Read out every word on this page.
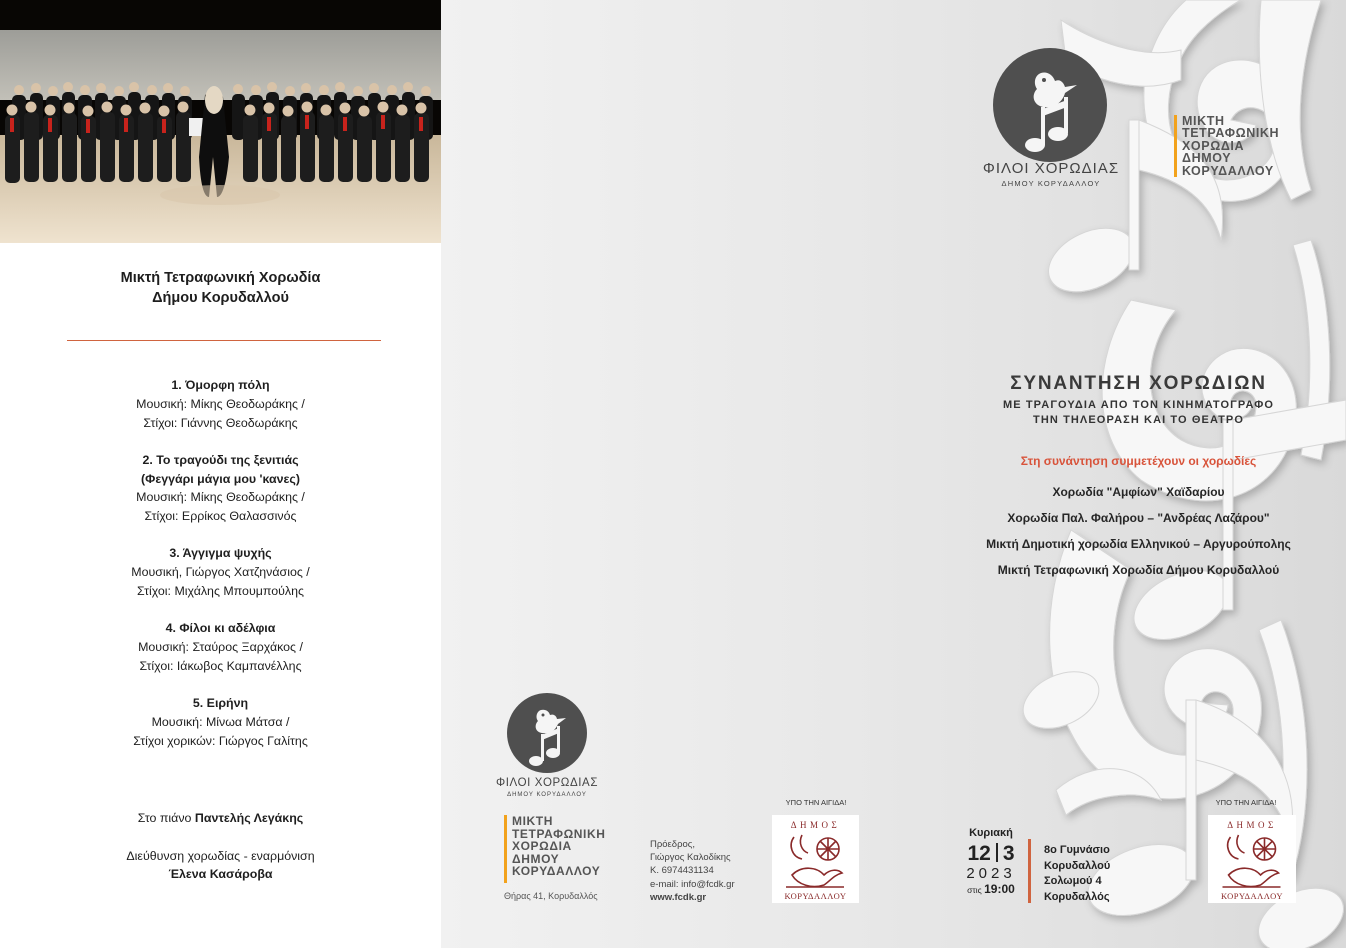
Μικτή Τετραφωνική Χορωδία
Δήμου Κορυδαλλού
1. Όμορφη πόλη
Μουσική: Μίκης Θεοδωράκης /
Στίχοι: Γιάννης Θεοδωράκης
2. Το τραγούδι της ξενιτιάς
(Φεγγάρι μάγια μου 'κανες)
Μουσική: Μίκης Θεοδωράκης /
Στίχοι: Ερρίκος Θαλασσινός
3. Άγγιγμα ψυχής
Μουσική, Γιώργος Χατζηνάσιος /
Στίχοι: Μιχάλης Μπουμπούλης
4. Φίλοι κι αδέλφια
Μουσική: Σταύρος Ξαρχάκος /
Στίχοι: Ιάκωβος Καμπανέλλης
5. Ειρήνη
Μουσική: Μίνωα Μάτσα /
Στίχοι χορικών: Γιώργος Γαλίτης
Στο πιάνο Παντελής Λεγάκης
Διεύθυνση χορωδίας - εναρμόνιση
Έλενα Κασάροβα
ΦΙΛΟΙ ΧΟΡΩΔΙΑΣ
ΔΗΜΟΥ ΚΟΡΥΔΑΛΛΟΥ
ΜΙΚΤΗ
ΤΕΤΡΑΦΩΝΙΚΗ
ΧΟΡΩΔΙΑ
ΔΗΜΟΥ
ΚΟΡΥΔΑΛΛΟΥ
ΣΥΝΑΝΤΗΣΗ ΧΟΡΩΔΙΩΝ
ΜΕ ΤΡΑΓΟΥΔΙΑ ΑΠΟ ΤΟΝ ΚΙΝΗΜΑΤΟΓΡΑΦΟ
ΤΗΝ ΤΗΛΕΟΡΑΣΗ ΚΑΙ ΤΟ ΘΕΑΤΡΟ
Στη συνάντηση συμμετέχουν οι χορωδίες
Χορωδία "Αμφίων" Χαϊδαρίου
Χορωδία Παλ. Φαλήρου – "Ανδρέας Λαζάρου"
Μικτή Δημοτική χορωδία Ελληνικού – Αργυρούπολης
Μικτή Τετραφωνική Χορωδία Δήμου Κορυδαλλού
ΦΙΛΟΙ ΧΟΡΩΔΙΑΣ
ΔΗΜΟΥ ΚΟΡΥΔΑΛΛΟΥ
ΜΙΚΤΗ
ΤΕΤΡΑΦΩΝΙΚΗ
ΧΟΡΩΔΙΑ
ΔΗΜΟΥ
ΚΟΡΥΔΑΛΛΟΥ
Θήρας 41, Κορυδαλλός
Πρόεδρος,
Γιώργος Καλοδίκης
Κ. 6974431134
e-mail: info@fcdk.gr
www.fcdk.gr
ΥΠΟ ΤΗΝ ΑΙΓΙΔΑ!
ΔΗΜΟΣ
ΚΟΡΥΔΑΛΛΟΥ
Κυριακή
12 3
2023
στις 19:00
8ο Γυμνάσιο
Κορυδαλλού
Σολωμού 4
Κορυδαλλός
ΥΠΟ ΤΗΝ ΑΙΓΙΔΑ!
ΔΗΜΟΣ
ΚΟΡΥΔΑΛΛΟΥ
